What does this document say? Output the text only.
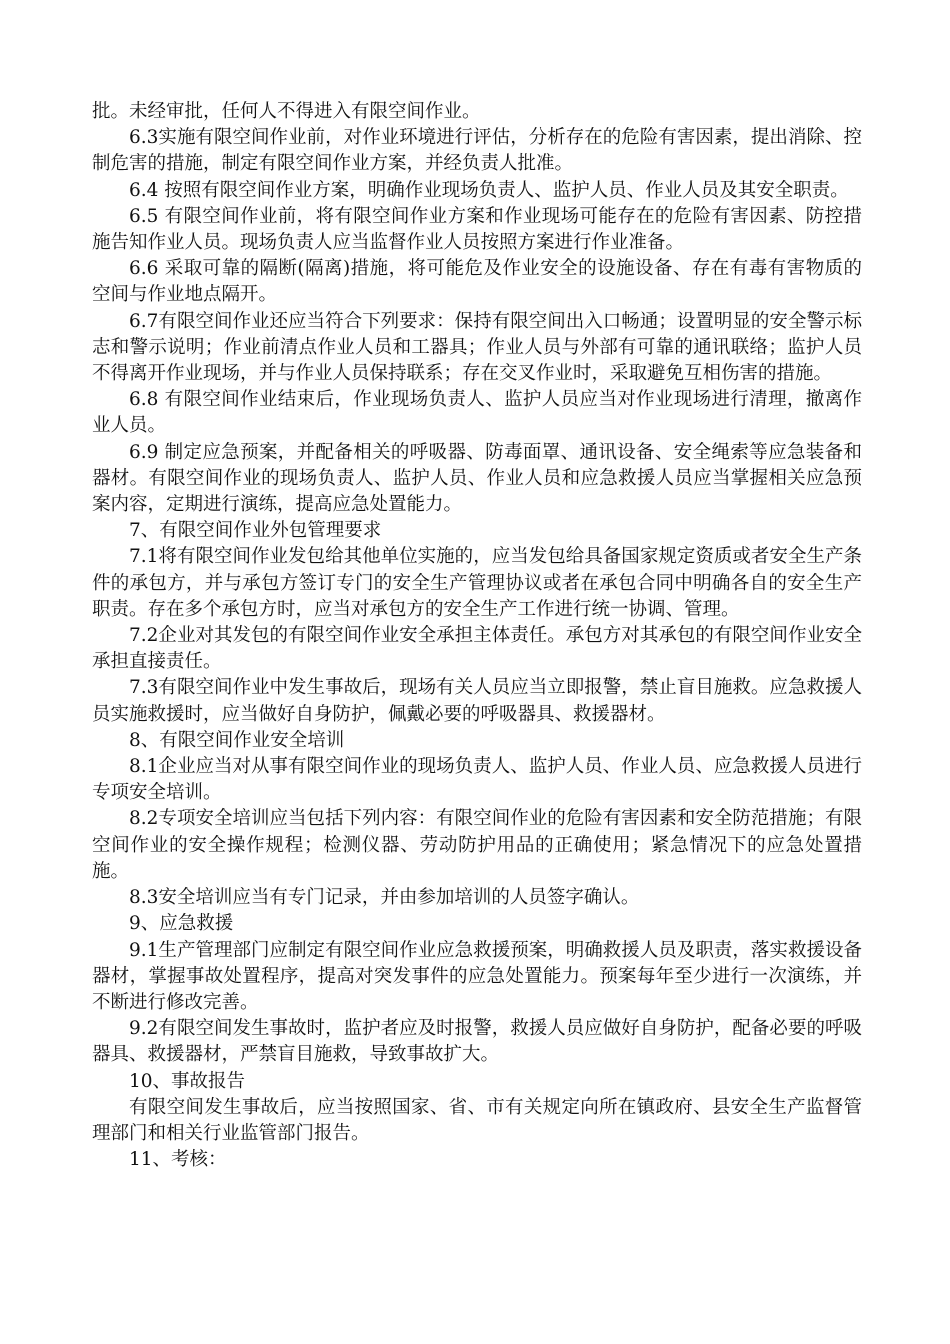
批。未经审批，任何人不得进入有限空间作业。

6.3实施有限空间作业前，对作业环境进行评估，分析存在的危险有害因素，提出消除、控制危害的措施，制定有限空间作业方案，并经负责人批准。

6.4 按照有限空间作业方案，明确作业现场负责人、监护人员、作业人员及其安全职责。

6.5 有限空间作业前，将有限空间作业方案和作业现场可能存在的危险有害因素、防控措施告知作业人员。现场负责人应当监督作业人员按照方案进行作业准备。

6.6 采取可靠的隔断(隔离)措施，将可能危及作业安全的设施设备、存在有毒有害物质的空间与作业地点隔开。

6.7有限空间作业还应当符合下列要求：保持有限空间出入口畅通；设置明显的安全警示标志和警示说明；作业前清点作业人员和工器具；作业人员与外部有可靠的通讯联络；监护人员不得离开作业现场，并与作业人员保持联系；存在交叉作业时，采取避免互相伤害的措施。

6.8 有限空间作业结束后，作业现场负责人、监护人员应当对作业现场进行清理，撤离作业人员。

6.9 制定应急预案，并配备相关的呼吸器、防毒面罩、通讯设备、安全绳索等应急装备和器材。有限空间作业的现场负责人、监护人员、作业人员和应急救援人员应当掌握相关应急预案内容，定期进行演练，提高应急处置能力。

7、有限空间作业外包管理要求

7.1将有限空间作业发包给其他单位实施的，应当发包给具备国家规定资质或者安全生产条件的承包方，并与承包方签订专门的安全生产管理协议或者在承包合同中明确各自的安全生产职责。存在多个承包方时，应当对承包方的安全生产工作进行统一协调、管理。

7.2企业对其发包的有限空间作业安全承担主体责任。承包方对其承包的有限空间作业安全承担直接责任。

7.3有限空间作业中发生事故后，现场有关人员应当立即报警，禁止盲目施救。应急救援人员实施救援时，应当做好自身防护，佩戴必要的呼吸器具、救援器材。

8、有限空间作业安全培训

8.1企业应当对从事有限空间作业的现场负责人、监护人员、作业人员、应急救援人员进行专项安全培训。

8.2专项安全培训应当包括下列内容：有限空间作业的危险有害因素和安全防范措施；有限空间作业的安全操作规程；检测仪器、劳动防护用品的正确使用；紧急情况下的应急处置措施。

8.3安全培训应当有专门记录，并由参加培训的人员签字确认。

9、应急救援

9.1生产管理部门应制定有限空间作业应急救援预案，明确救援人员及职责，落实救援设备器材，掌握事故处置程序，提高对突发事件的应急处置能力。预案每年至少进行一次演练，并不断进行修改完善。

9.2有限空间发生事故时，监护者应及时报警，救援人员应做好自身防护，配备必要的呼吸器具、救援器材，严禁盲目施救，导致事故扩大。

10、事故报告

有限空间发生事故后，应当按照国家、省、市有关规定向所在镇政府、县安全生产监督管理部门和相关行业监管部门报告。

11、考核：
